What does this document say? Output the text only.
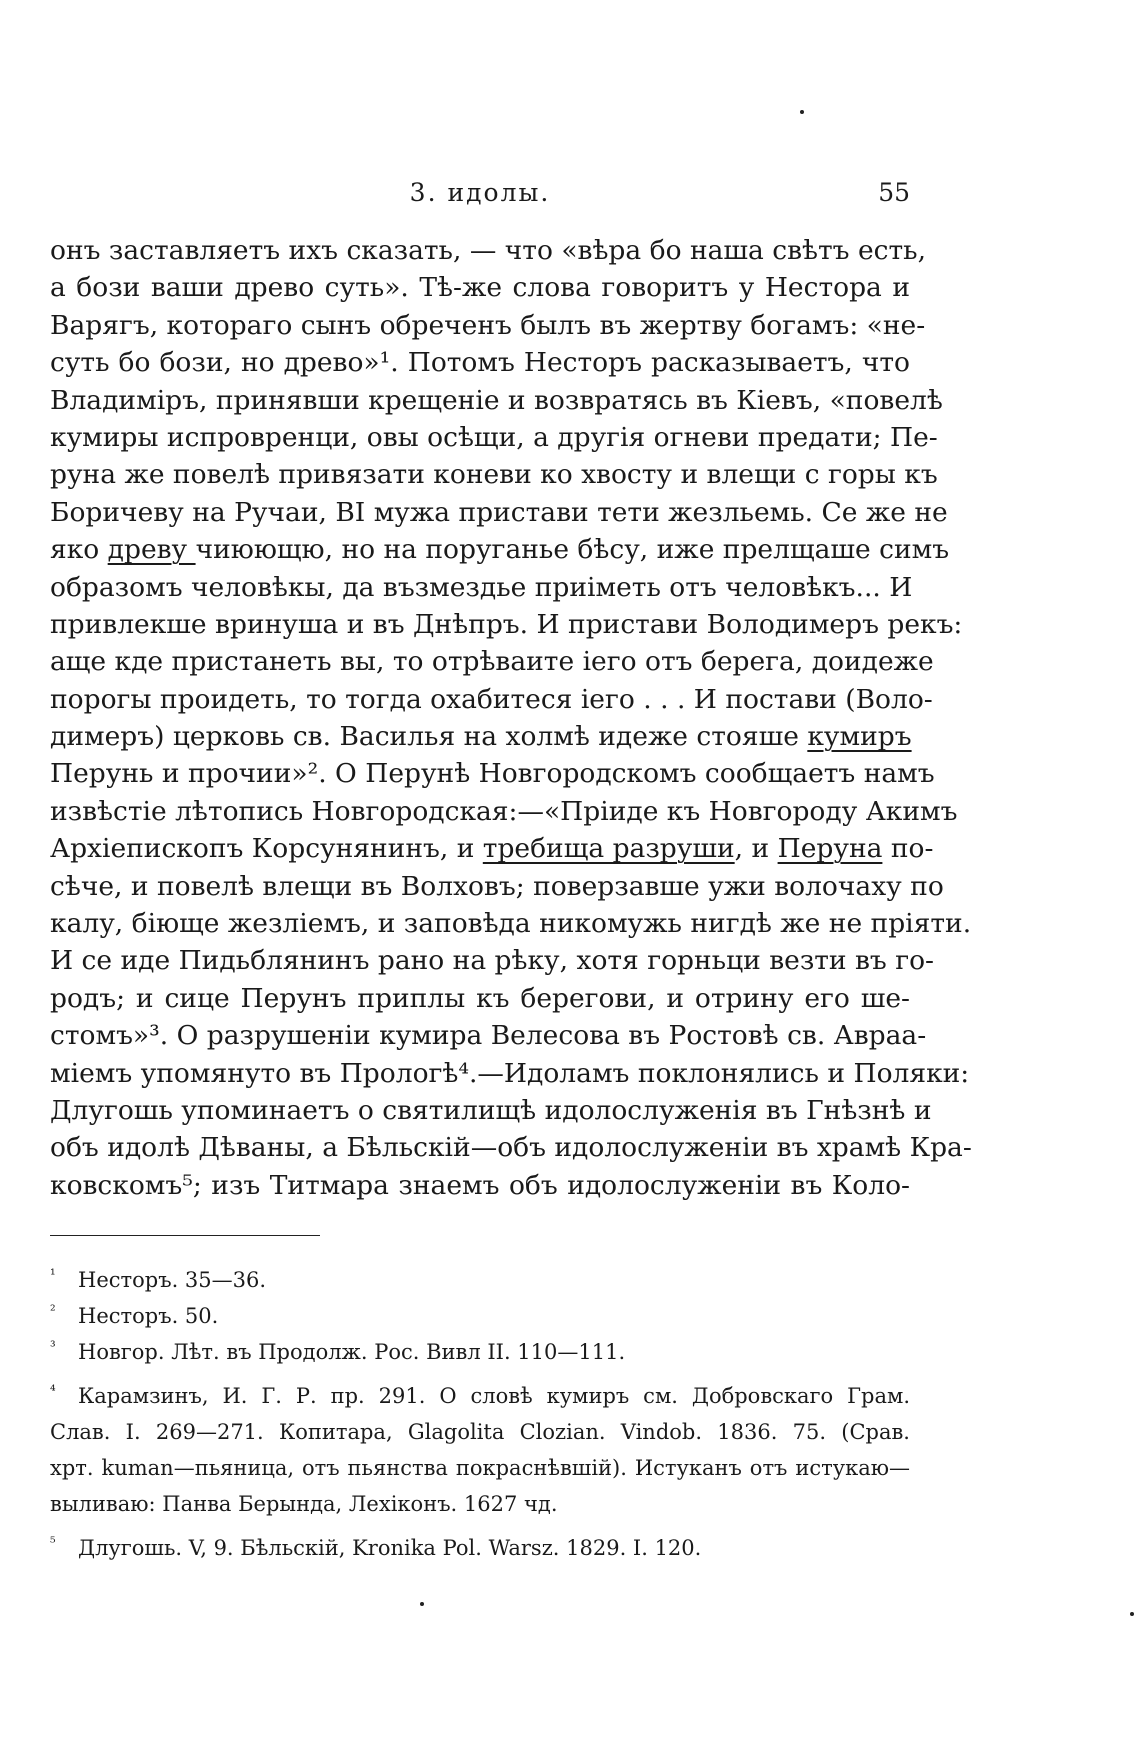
3. идолы.	55
онъ заставляетъ ихъ сказать, — что «вѣра бо наша свѣтъ есть,
а бози ваши древо суть». Тѣ-же слова говоритъ у Нестора и
Варягъ, котораго сынъ обреченъ былъ въ жертву богамъ: «не-
суть бо бози, но древо»¹. Потомъ Несторъ расказываетъ, что
Владиміръ, принявши крещеніе и возвратясь въ Кіевъ, «повелѣ
кумиры испровренци, овы осѣщи, а другія огневи предати; Пе-
руна же повелѣ привязати коневи ко хвосту и влещи с горы къ
Боричеву на Ручаи, ВІ мужа пристави тети жезльемь. Се же не
яко древу чиюющю, но на поруганье бѣсу, иже прелщаше симъ
образомъ человѣкы, да възмездье приіметь отъ человѣкъ... И
привлекше вринуша и въ Днѣпръ. И пристави Володимеръ рекъ:
аще кде пристанеть вы, то отрѣваите іего отъ берега, доидеже
порогы проидеть, то тогда охабитеся іего . . . И постави (Воло-
димеръ) церковь св. Василья на холмѣ идеже стояше кумиръ
Перунь и прочии»². О Перунѣ Новгородскомъ сообщаетъ намъ
извѣстіе лѣтопись Новгородская:—«Пріиде къ Новгороду Акимъ
Архіепископъ Корсунянинъ, и требища разруши, и Перуна по-
сѣче, и повелѣ влещи въ Волховъ; поверзавше ужи волочаху по
калу, біюще жезліемъ, и заповѣда никомужь нигдѣ же не пріяти.
И се иде Пидьблянинъ рано на рѣку, хотя горньци везти въ го-
родъ; и сице Перунъ приплы къ берегови, и отрину его ше-
стомъ»³. О разрушеніи кумира Велесова въ Ростовѣ св. Авраа-
міемъ упомянуто въ Прологѣ⁴.—Идоламъ поклонялись и Поляки:
Длугошь упоминаетъ о святилищѣ идолослуженія въ Гнѣзнѣ и
объ идолѣ Дѣваны, а Бѣльскій—объ идолослуженіи въ храмѣ Кра-
ковскомъ⁵; изъ Титмара знаемъ объ идолослуженіи въ Коло-
¹ Несторъ. 35—36.
² Несторъ. 50.
³ Новгор. Лѣт. въ Продолж. Рос. Вивл II. 110—111.
⁴ Карамзинъ, И. Г. Р. пр. 291. О словѣ кумиръ см. Добровскаго Грам.
Слав. I. 269—271. Копитара, Glagolita Clozian. Vindob. 1836. 75. (Срав.
хрт. kuman—пьяница, отъ пьянства покраснѣвшій). Истуканъ отъ истукаю—
выливаю: Панва Берында, Лехіконъ. 1627 чд.
⁵ Длугошь. V, 9. Бѣльскій, Kronika Pol. Warsz. 1829. I. 120.
